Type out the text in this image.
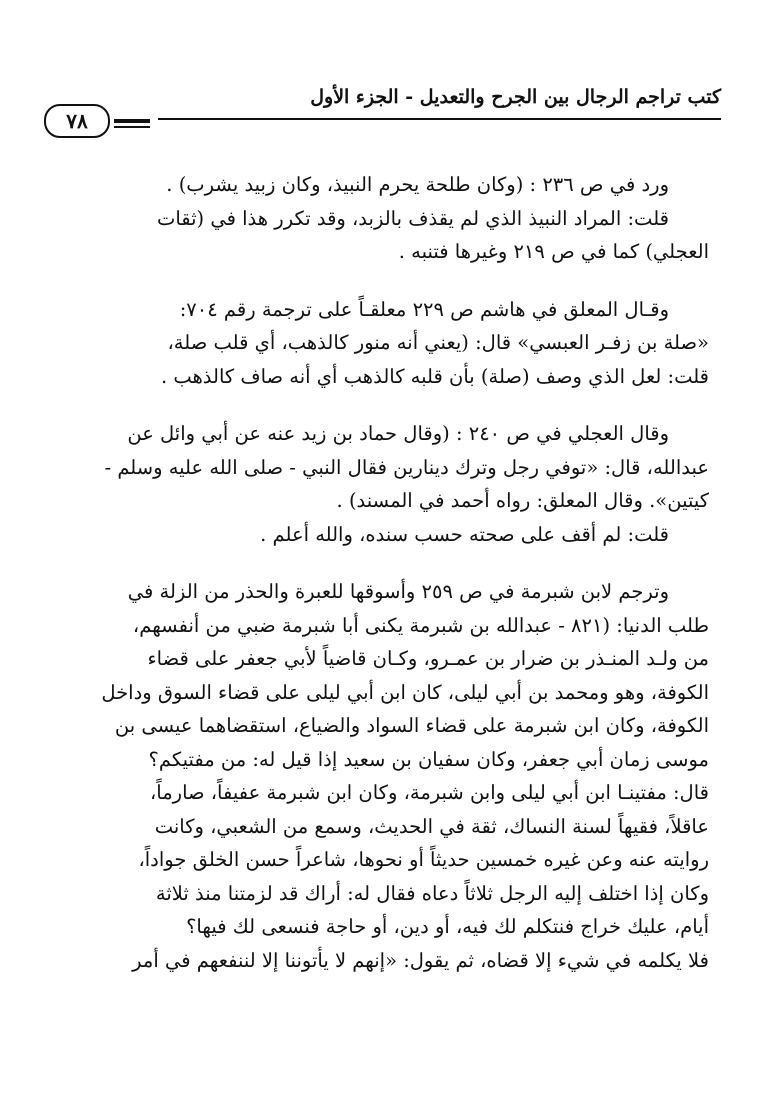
٧٨
كتب تراجم الرجال بين الجرح والتعديل - الجزء الأول
ورد في ص ٢٣٦ : (وكان طلحة يحرم النبيذ، وكان زبيد يشرب) .
قلت: المراد النبيذ الذي لم يقذف بالزبد، وقد تكرر هذا في (ثقات
العجلي) كما في ص ٢١٩ وغيرها فتنبه .
وقـال المعلق في هاشم ص ٢٢٩ معلقـاً على ترجمة رقم ٧٠٤:
«صلة بن زفـر العبسي» قال: (يعني أنه منور كالذهب، أي قلب صلة،
قلت: لعل الذي وصف (صلة) بأن قلبه كالذهب أي أنه صاف كالذهب .
وقال العجلي في ص ٢٤٠ : (وقال حماد بن زيد عنه عن أبي وائل عن
عبدالله، قال: «توفي رجل وترك دينارين فقال النبي - صلى الله عليه وسلم -
كيتين». وقال المعلق: رواه أحمد في المسند) .
قلت: لم أقف على صحته حسب سنده، والله أعلم .
وترجم لابن شبرمة في ص ٢٥٩ وأسوقها للعبرة والحذر من الزلة في
طلب الدنيا: (٨٢١ - عبدالله بن شبرمة يكنى أبا شبرمة ضبي من أنفسهم،
من ولـد المنـذر بن ضرار بن عمـرو، وكـان قاضياً لأبي جعفر على قضاء
الكوفة، وهو ومحمد بن أبي ليلى، كان ابن أبي ليلى على قضاء السوق وداخل
الكوفة، وكان ابن شبرمة على قضاء السواد والضياع، استقضاهما عيسى بن
موسى زمان أبي جعفر، وكان سفيان بن سعيد إذا قيل له: من مفتيكم؟
قال: مفتينـا ابن أبي ليلى وابن شبرمة، وكان ابن شبرمة عفيفاً، صارماً،
عاقلاً، فقيهاً لسنة النساك، ثقة في الحديث، وسمع من الشعبي، وكانت
روايته عنه وعن غيره خمسين حديثاً أو نحوها، شاعراً حسن الخلق جواداً،
وكان إذا اختلف إليه الرجل ثلاثاً دعاه فقال له: أراك قد لزمتنا منذ ثلاثة
أيام، عليك خراج فنتكلم لك فيه، أو دين، أو حاجة فنسعى لك فيها؟
فلا يكلمه في شيء إلا قضاه، ثم يقول: «إنهم لا يأتوننا إلا لننفعهم في أمر
